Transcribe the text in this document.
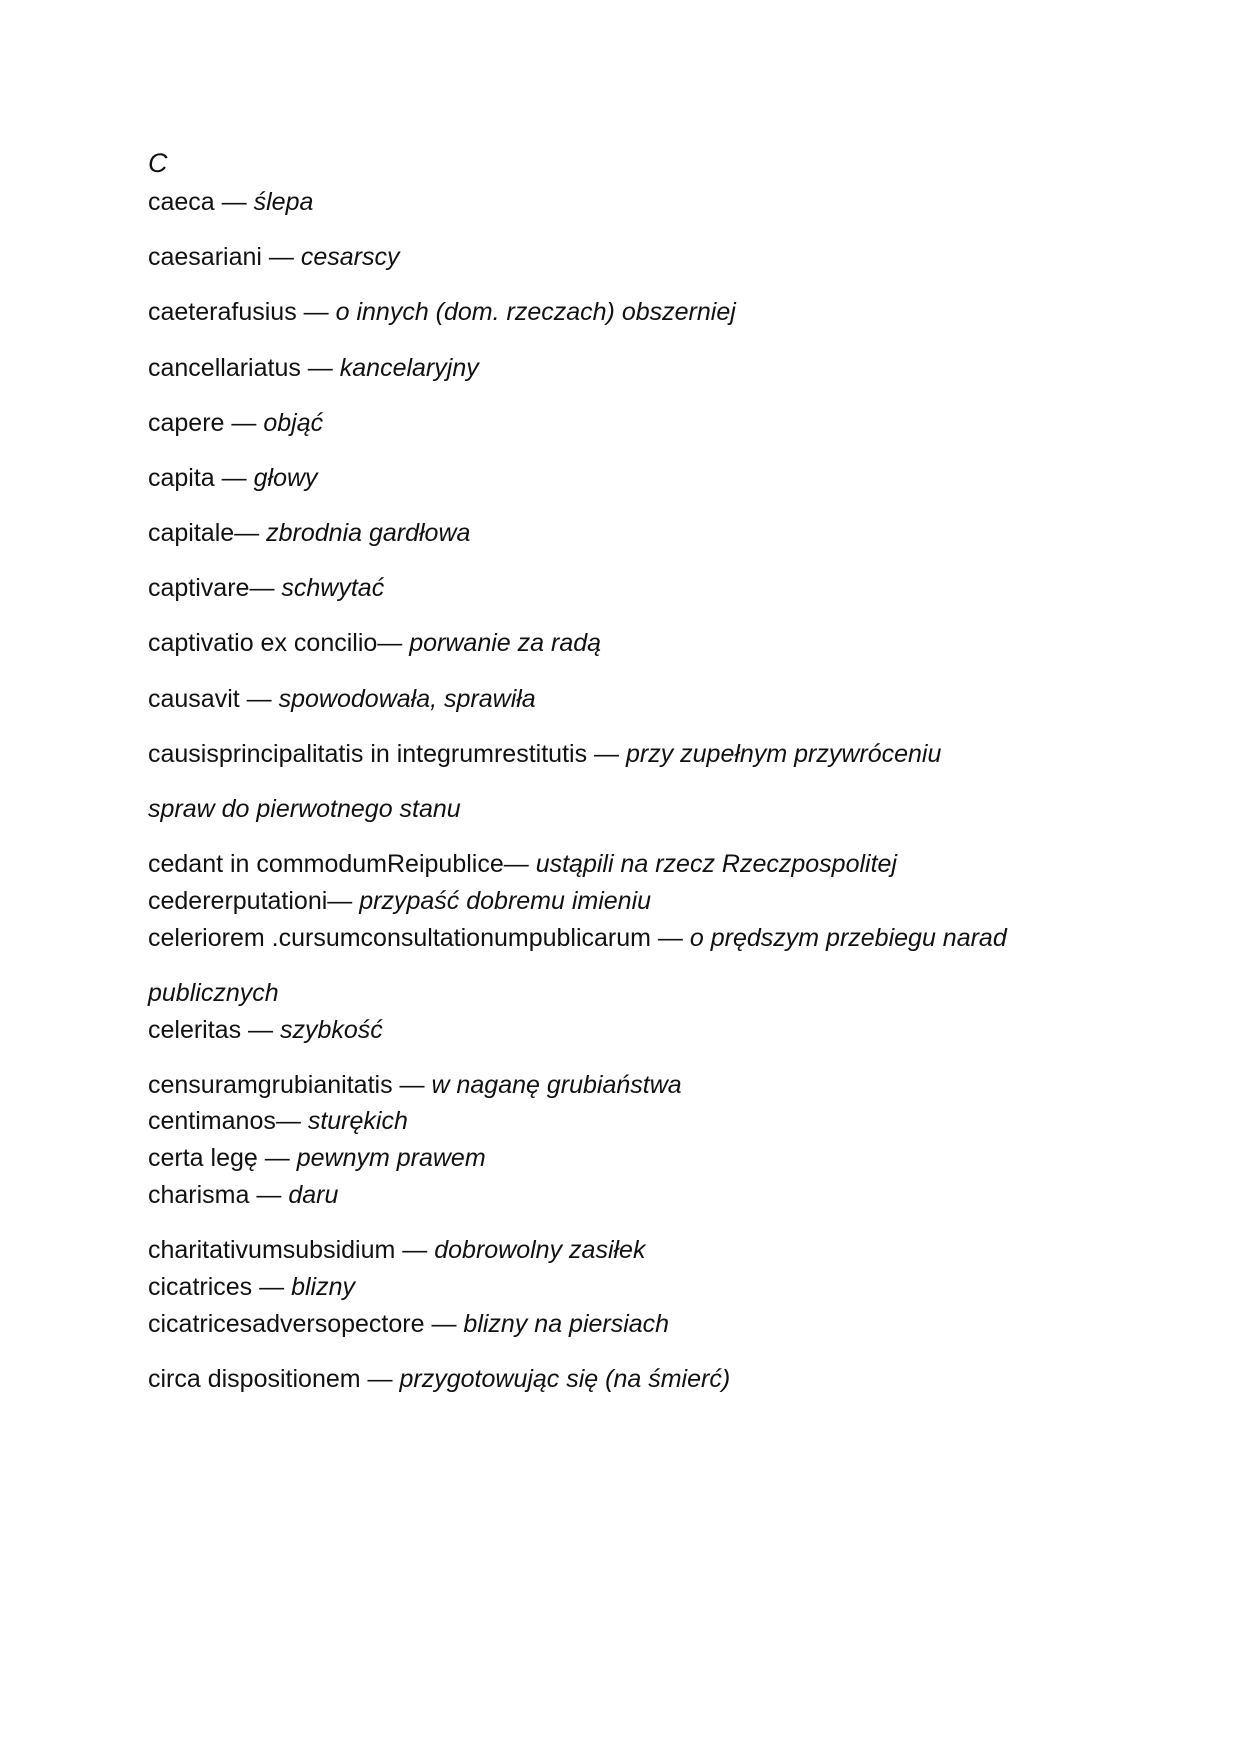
C
caeca — ślepa
caesariani — cesarscy
caeterafusius — o innych (dom. rzeczach) obszerniej
cancellariatus — kancelaryjny
capere — objąć
capita — głowy
capitale— zbrodnia gardłowa
captivare— schwytać
captivatio ex concilio— porwanie za radą
causavit — spowodowała, sprawiła
causisprincipalitatis in integrumrestitutis — przy zupełnym przywróceniu
spraw do pierwotnego stanu
cedant in commodumReipublice— ustąpili na rzecz Rzeczpospolitej
cedererputationi— przypaść dobremu imieniu
celeriorem .cursumconsultationumpublicarum — o prędszym przebiegu narad
publicznych
celeritas — szybkość
censuramgrubianitatis — w naganę grubiaństwa
centimanos— sturękich
certa legę — pewnym prawem
charisma — daru
charitativumsubsidium — dobrowolny zasiłek
cicatrices — blizny
cicatricesadversopectore — blizny na piersiach
circa dispositionem — przygotowując się (na śmierć)
